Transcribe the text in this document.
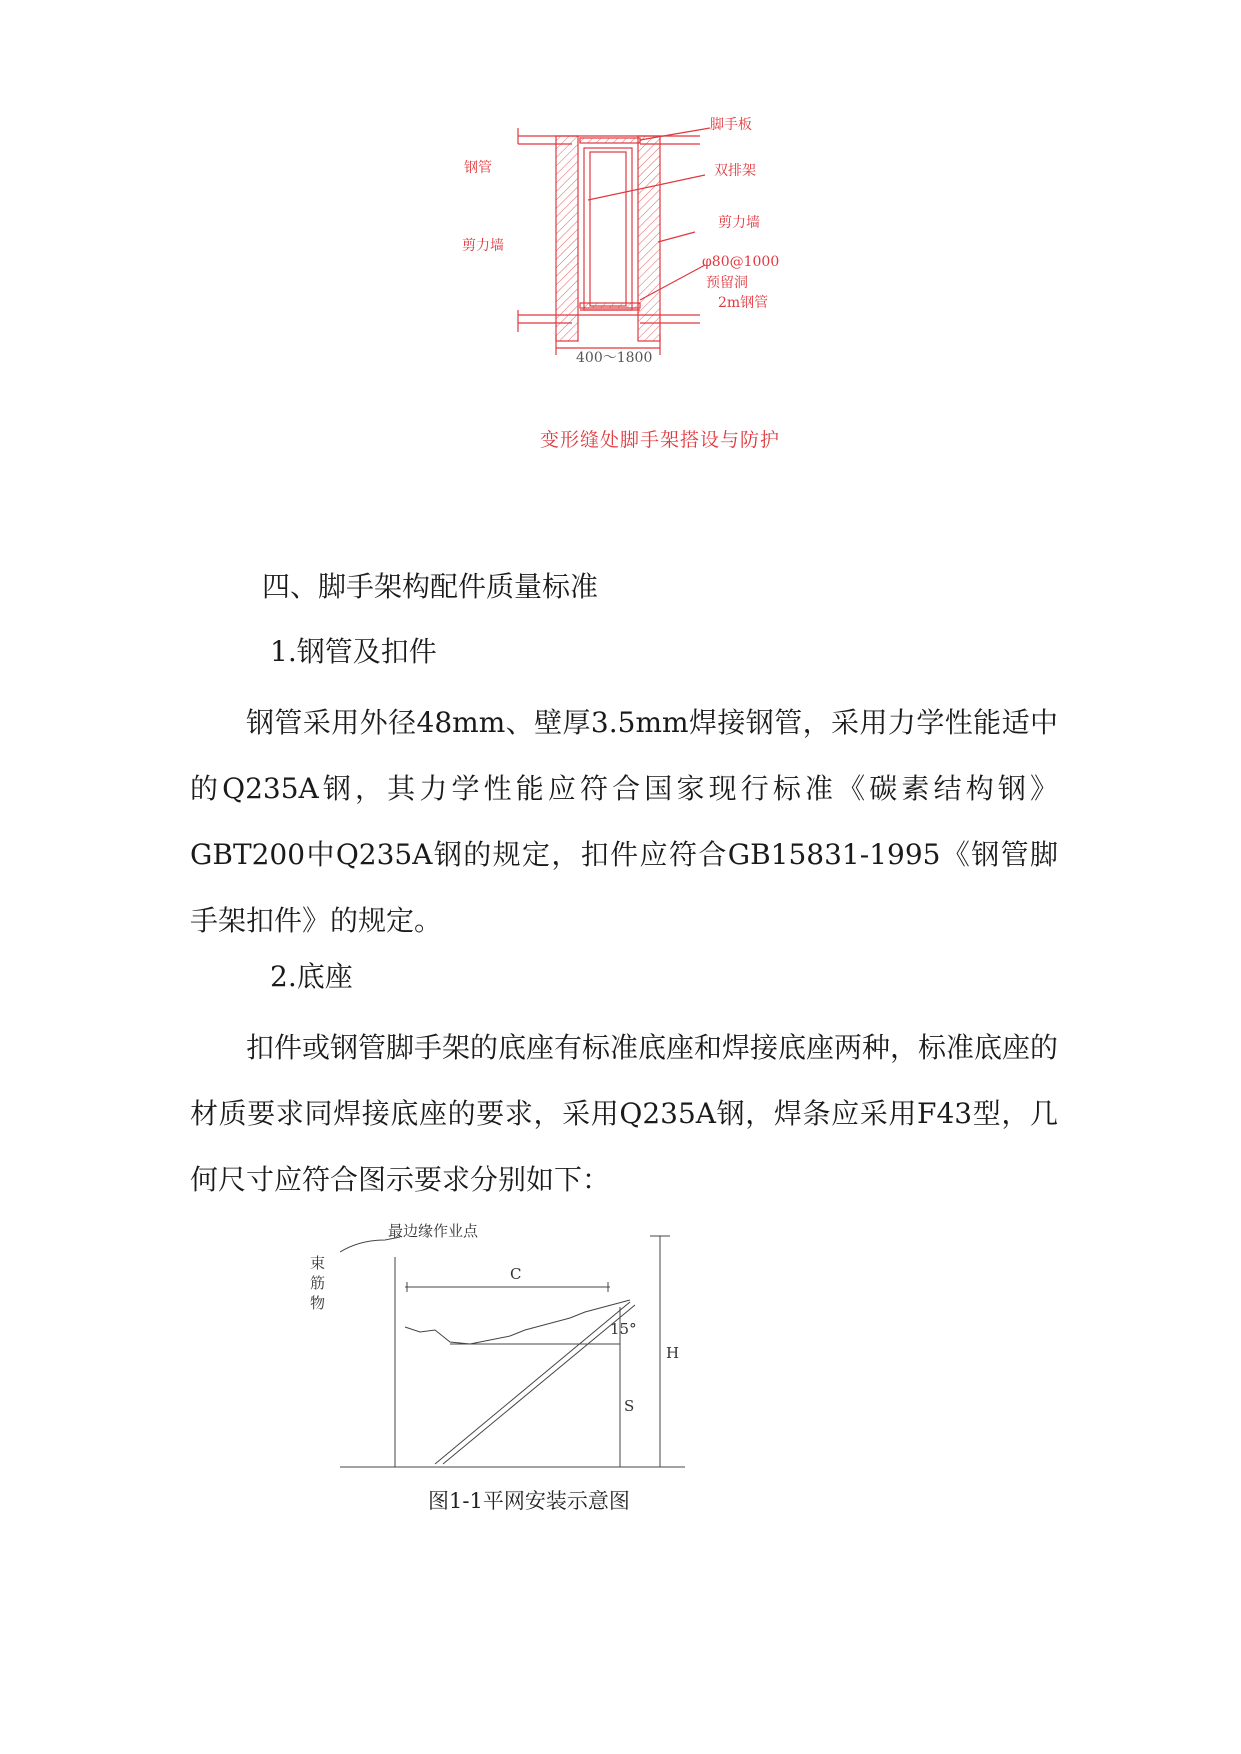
脚手板
钢管	双排架
剪力墙
剪力墙
φ80@1000
预留洞
2m钢管
400～1800
变形缝处脚手架搭设与防护
四、脚手架构配件质量标准
1.钢管及扣件

钢管采用外径48mm、壁厚3.5mm焊接钢管，采用力学性能适中的Q235A钢，其力学性能应符合国家现行标准《碳素结构钢》GBT200中Q235A钢的规定，扣件应符合GB15831-1995《钢管脚手架扣件》的规定。

2.底座

扣件或钢管脚手架的底座有标准底座和焊接底座两种，标准底座的材质要求同焊接底座的要求，采用Q235A钢，焊条应采用F43型，几何尺寸应符合图示要求分别如下：

最边缘作业点
束
筋
物
C
15°
S
H
图1-1平网安装示意图
